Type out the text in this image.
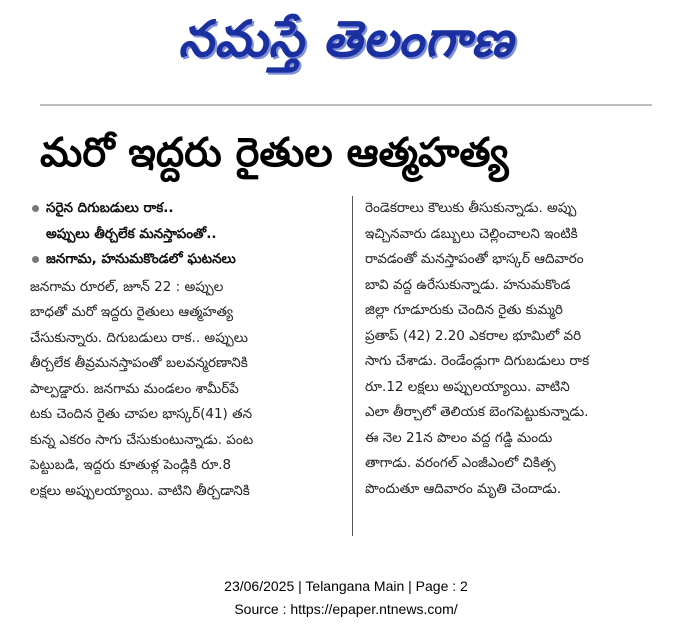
నమస్తే తెలంగాణ
మరో ఇద్దరు రైతుల ఆత్మహత్య
సరైన దిగుబడులు రాక..
అప్పులు తీర్చలేక మనస్తాపంతో..
జనగామ, హనుమకొండలో ఘటనలు
జనగామ రూరల్, జూన్ 22 : అప్పుల
బాధతో మరో ఇద్దరు రైతులు ఆత్మహత్య
చేసుకున్నారు. దిగుబడులు రాక.. అప్పులు
తీర్చలేక తీవ్రమనస్తాపంతో బలవన్మరణానికి
పాల్పడ్డారు. జనగామ మండలం శామీర్‌పే
టకు చెందిన రైతు చాపల భాస్కర్(41) తన
కున్న ఎకరం సాగు చేసుకుంటున్నాడు. పంట
పెట్టుబడి, ఇద్దరు కూతుళ్ల పెండ్లికి రూ.8
లక్షలు అప్పులయ్యాయి. వాటిని తీర్చడానికి
రెండెకరాలు కౌలుకు తీసుకున్నాడు. అప్పు
ఇచ్చినవారు డబ్బులు చెల్లించాలని ఇంటికి
రావడంతో మనస్తాపంతో భాస్కర్ ఆదివారం
బావి వద్ద ఉరేసుకున్నాడు. హనుమకొండ
జిల్లా గూడూరుకు చెందిన రైతు కుమ్మరి
ప్రతాప్ (42) 2.20 ఎకరాల భూమిలో వరి
సాగు చేశాడు. రెండేండ్లుగా దిగుబడులు రాక
రూ.12 లక్షలు అప్పులయ్యాయి. వాటిని
ఎలా తీర్చాలో తెలియక బెంగపెట్టుకున్నాడు.
ఈ నెల 21న పొలం వద్ద గడ్డి మందు
తాగాడు. వరంగల్ ఎంజీఎంలో చికిత్స
పొందుతూ ఆదివారం మృతి చెందాడు.
23/06/2025 | Telangana Main | Page : 2
Source : https://epaper.ntnews.com/
